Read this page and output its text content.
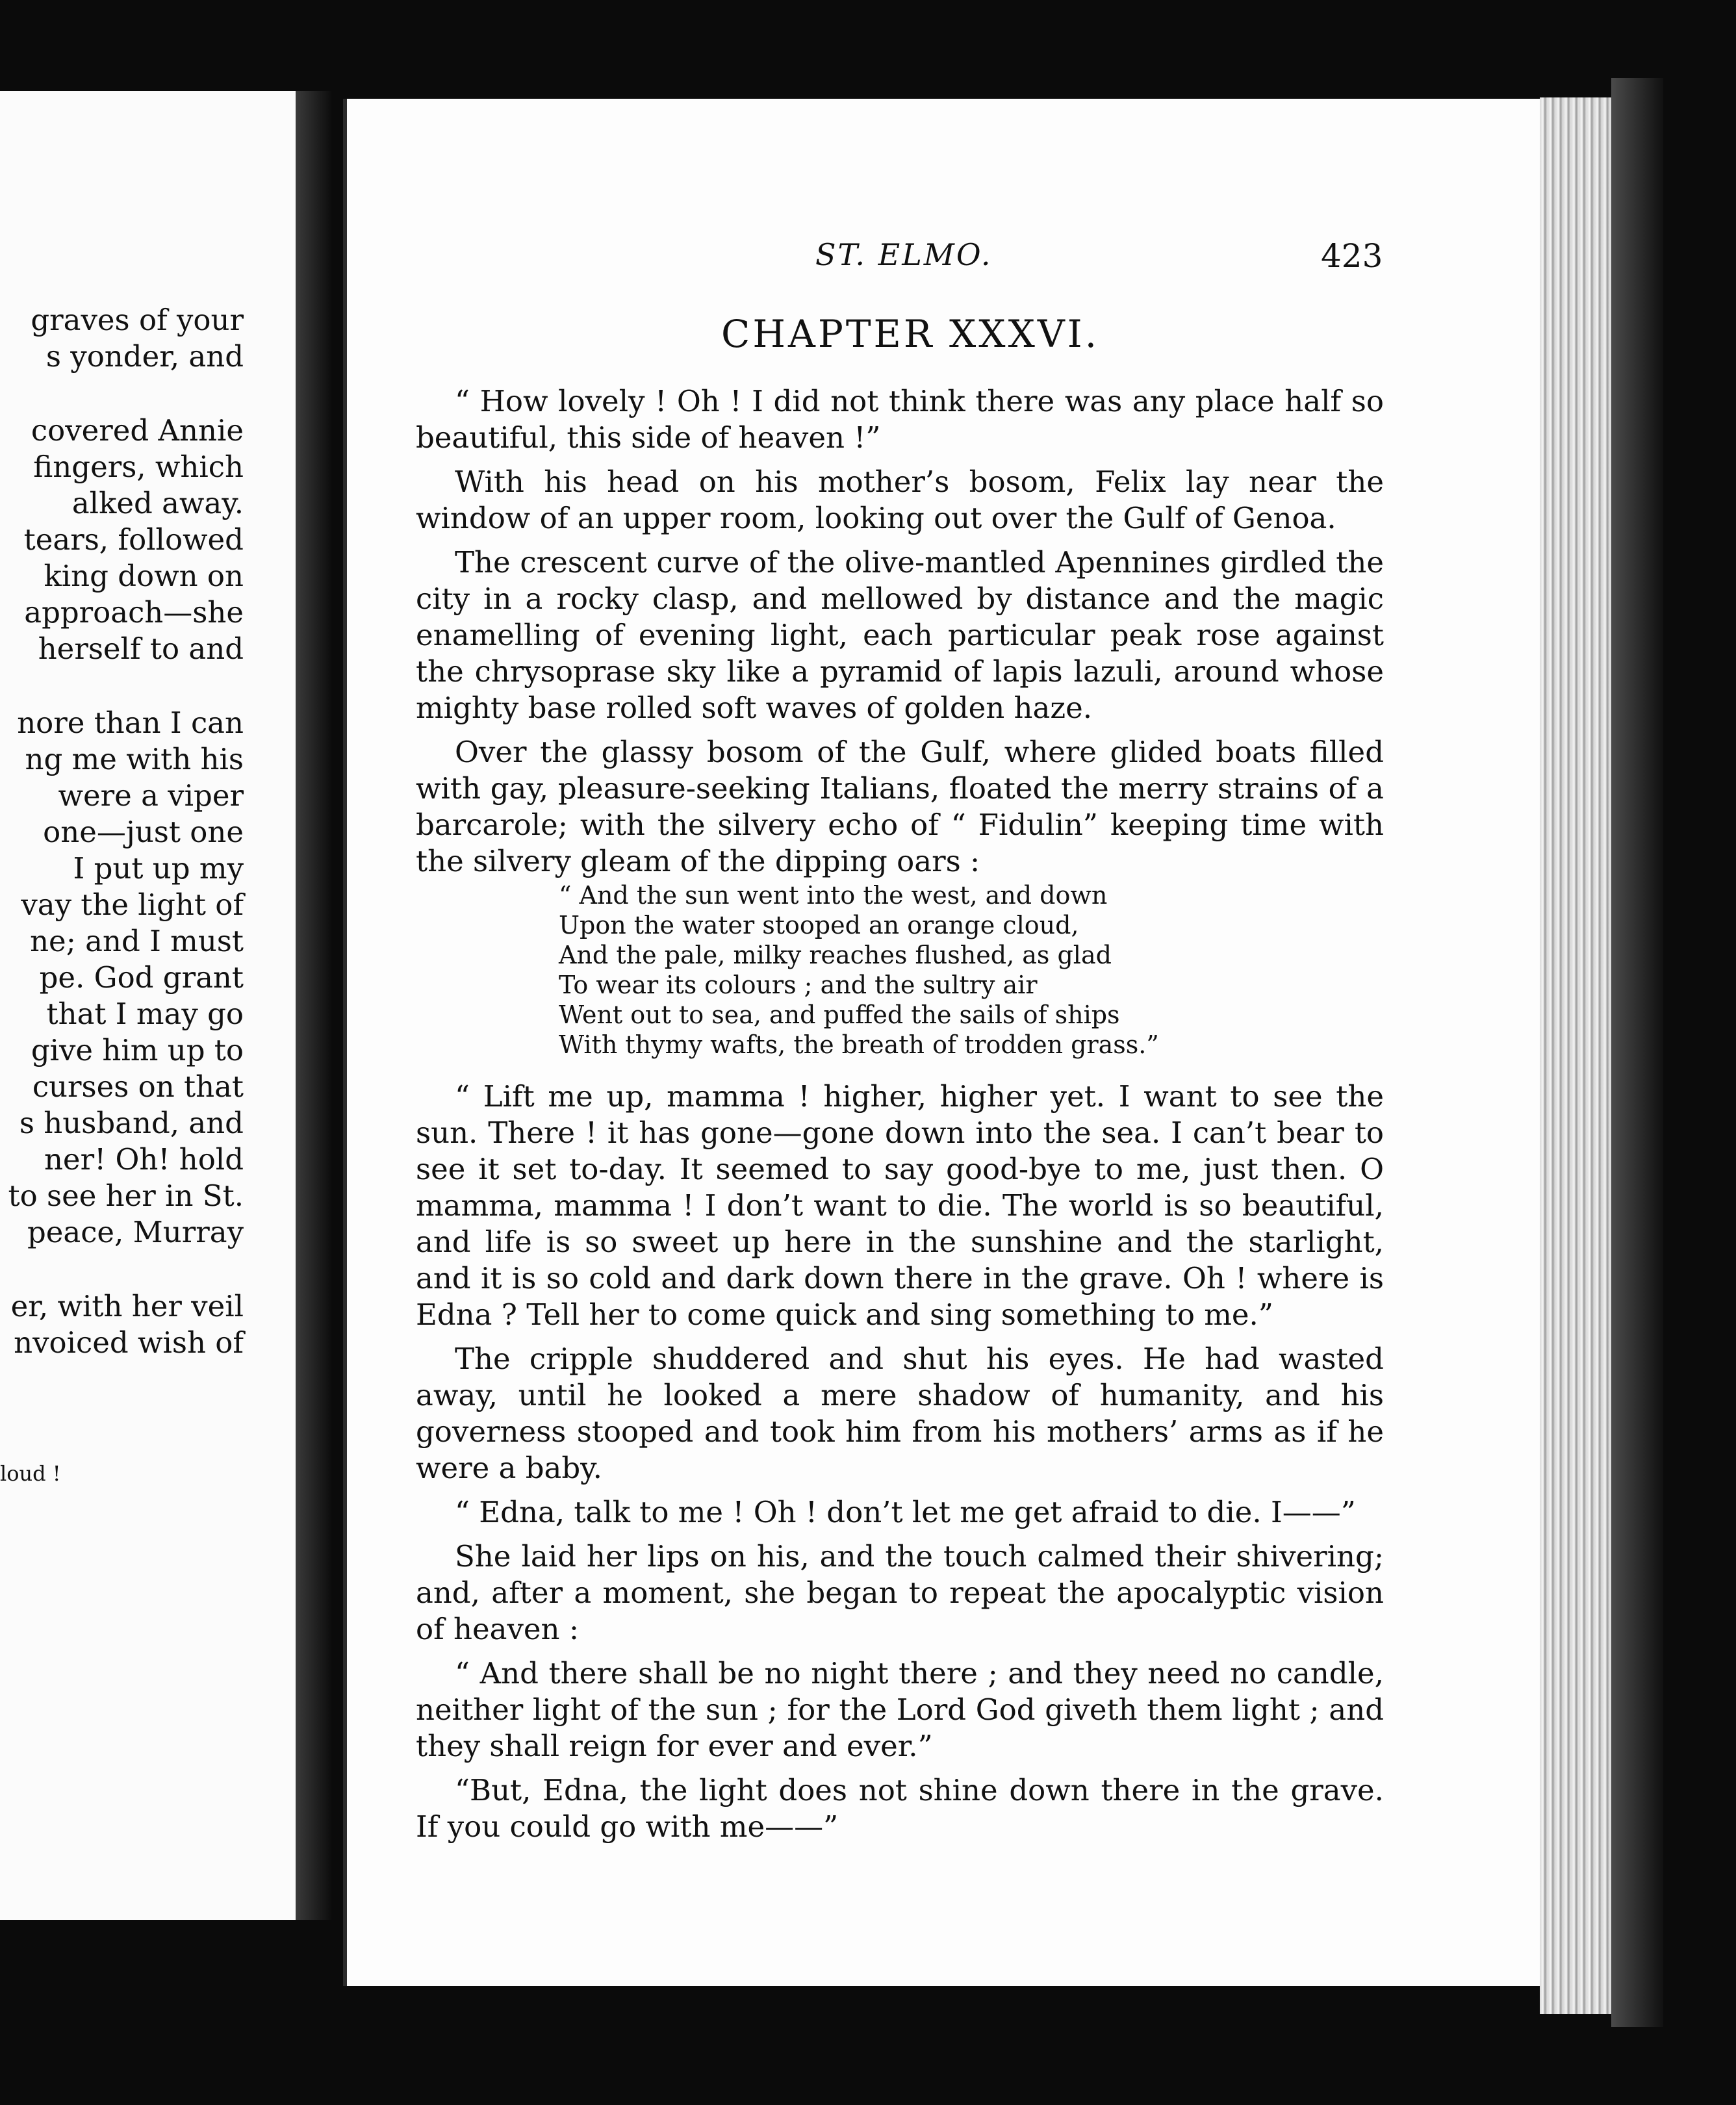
graves of your
s yonder, and
covered Annie
fingers, which
alked away.
tears, followed
king down on
approach—she
herself to and
nore than I can
ng me with his
were a viper
one—just one
I put up my
vay the light of
ne; and I must
pe. God grant
that I may go
give him up to
curses on that
s husband, and
ner! Oh! hold
to see her in St.
peace, Murray
er, with her veil
nvoiced wish of
loud !
ST. ELMO.	423
CHAPTER XXXVI.

“ How lovely ! Oh ! I did not think there was any place half so beautiful, this side of heaven !”

With his head on his mother’s bosom, Felix lay near the window of an upper room, looking out over the Gulf of Genoa.

The crescent curve of the olive-mantled Apennines girdled the city in a rocky clasp, and mellowed by distance and the magic enamelling of evening light, each particular peak rose against the chrysoprase sky like a pyramid of lapis lazuli, around whose mighty base rolled soft waves of golden haze.

Over the glassy bosom of the Gulf, where glided boats filled with gay, pleasure-seeking Italians, floated the merry strains of a barcarole; with the silvery echo of “ Fidulin” keeping time with the silvery gleam of the dipping oars :

“ And the sun went into the west, and down
Upon the water stooped an orange cloud,
And the pale, milky reaches flushed, as glad
To wear its colours ; and the sultry air
Went out to sea, and puffed the sails of ships
With thymy wafts, the breath of trodden grass.”

“ Lift me up, mamma ! higher, higher yet. I want to see the sun. There ! it has gone—gone down into the sea. I can’t bear to see it set to-day. It seemed to say good-bye to me, just then. O mamma, mamma ! I don’t want to die. The world is so beautiful, and life is so sweet up here in the sunshine and the starlight, and it is so cold and dark down there in the grave. Oh ! where is Edna ? Tell her to come quick and sing something to me.”

The cripple shuddered and shut his eyes. He had wasted away, until he looked a mere shadow of humanity, and his governess stooped and took him from his mothers’ arms as if he were a baby.

“ Edna, talk to me ! Oh ! don’t let me get afraid to die. I——”

She laid her lips on his, and the touch calmed their shivering; and, after a moment, she began to repeat the apocalyptic vision of heaven :

“ And there shall be no night there ; and they need no candle, neither light of the sun ; for the Lord God giveth them light ; and they shall reign for ever and ever.”

“But, Edna, the light does not shine down there in the grave. If you could go with me——”
